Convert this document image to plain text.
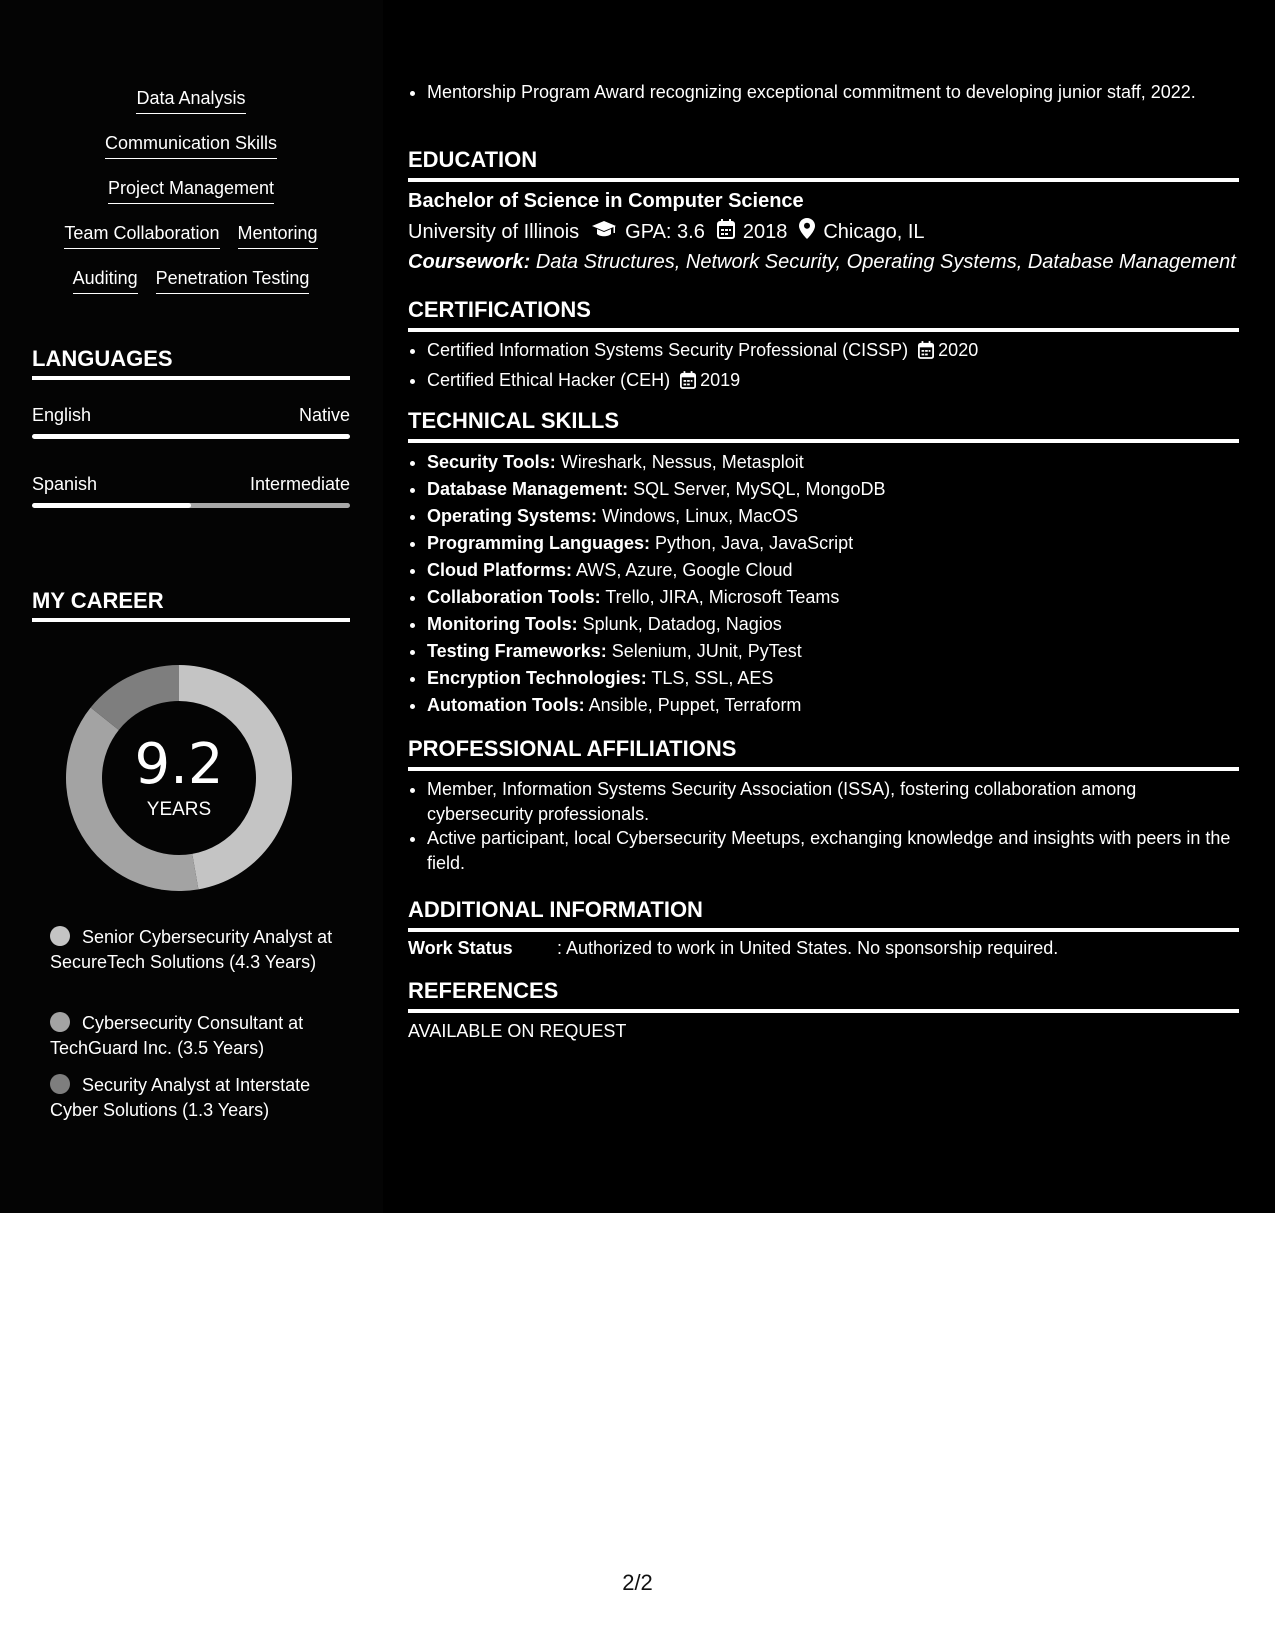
Data Analysis
Communication Skills
Project Management
Team Collaboration Mentoring
Auditing Penetration Testing
LANGUAGES
English	Native
Spanish	Intermediate
MY CAREER
9.2
YEARS
Senior Cybersecurity Analyst at SecureTech Solutions (4.3 Years)
Cybersecurity Consultant at TechGuard Inc. (3.5 Years)
Security Analyst at Interstate Cyber Solutions (1.3 Years)
• Mentorship Program Award recognizing exceptional commitment to developing junior staff, 2022.
EDUCATION
Bachelor of Science in Computer Science
University of Illinois GPA: 3.6 2018 Chicago, IL
Coursework: Data Structures, Network Security, Operating Systems, Database Management
CERTIFICATIONS
• Certified Information Systems Security Professional (CISSP) 2020
• Certified Ethical Hacker (CEH) 2019
TECHNICAL SKILLS
• Security Tools: Wireshark, Nessus, Metasploit
• Database Management: SQL Server, MySQL, MongoDB
• Operating Systems: Windows, Linux, MacOS
• Programming Languages: Python, Java, JavaScript
• Cloud Platforms: AWS, Azure, Google Cloud
• Collaboration Tools: Trello, JIRA, Microsoft Teams
• Monitoring Tools: Splunk, Datadog, Nagios
• Testing Frameworks: Selenium, JUnit, PyTest
• Encryption Technologies: TLS, SSL, AES
• Automation Tools: Ansible, Puppet, Terraform
PROFESSIONAL AFFILIATIONS
• Member, Information Systems Security Association (ISSA), fostering collaboration among cybersecurity professionals.
• Active participant, local Cybersecurity Meetups, exchanging knowledge and insights with peers in the field.
ADDITIONAL INFORMATION
Work Status	: Authorized to work in United States. No sponsorship required.
REFERENCES
AVAILABLE ON REQUEST
2/2
